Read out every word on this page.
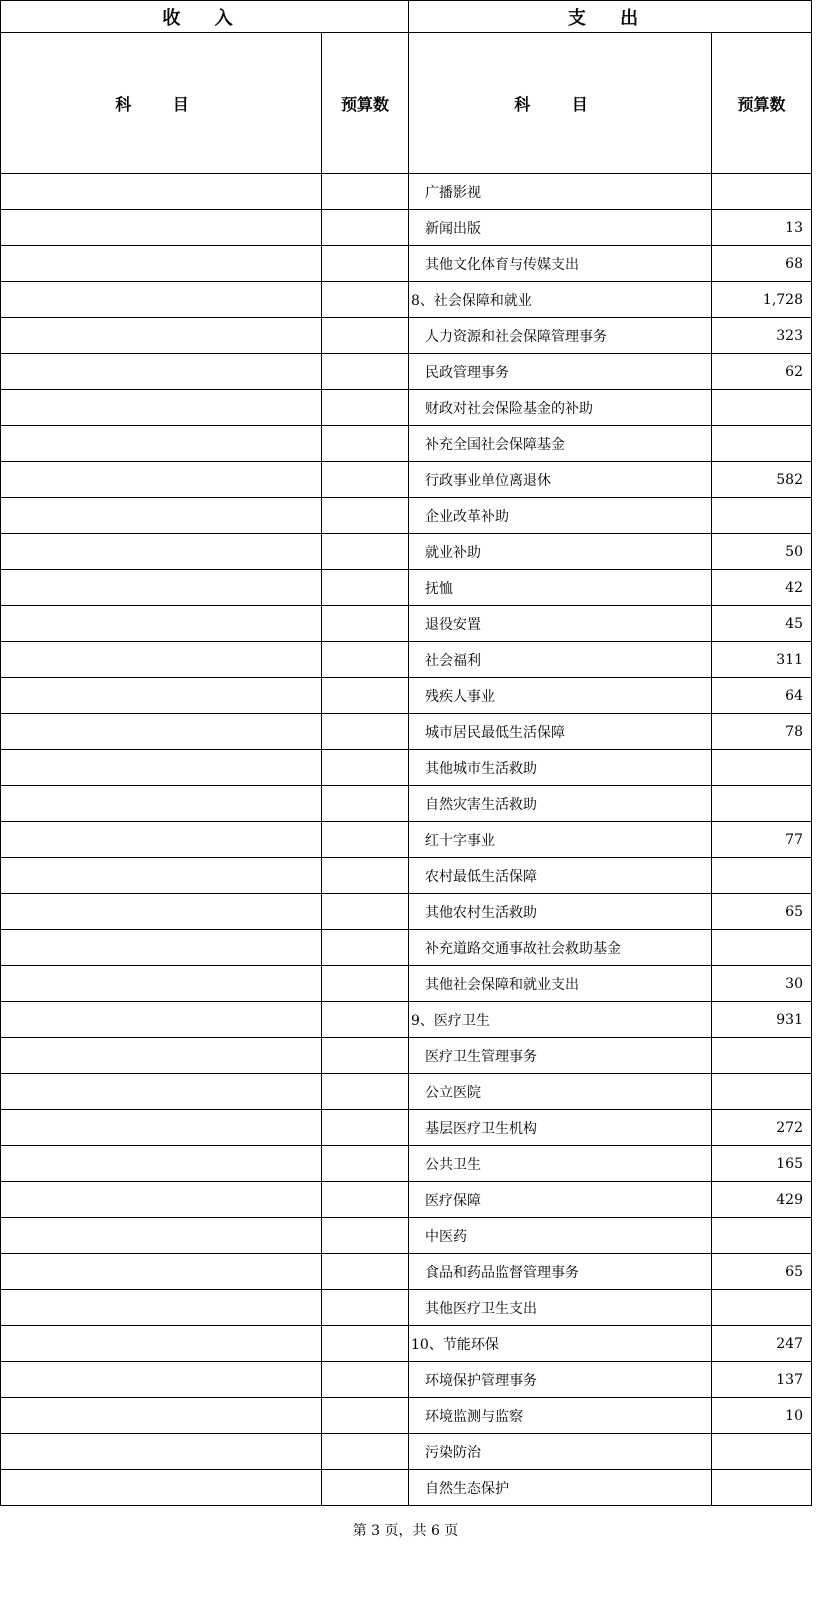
收 入		支 出	
科 目	预算数	科 目	预算数
		广播影视	
		新闻出版	13
		其他文化体育与传媒支出	68
		8、社会保障和就业	1,728
		人力资源和社会保障管理事务	323
		民政管理事务	62
		财政对社会保险基金的补助	
		补充全国社会保障基金	
		行政事业单位离退休	582
		企业改革补助	
		就业补助	50
		抚恤	42
		退役安置	45
		社会福利	311
		残疾人事业	64
		城市居民最低生活保障	78
		其他城市生活救助	
		自然灾害生活救助	
		红十字事业	77
		农村最低生活保障	
		其他农村生活救助	65
		补充道路交通事故社会救助基金	
		其他社会保障和就业支出	30
		9、医疗卫生	931
		医疗卫生管理事务	
		公立医院	
		基层医疗卫生机构	272
		公共卫生	165
		医疗保障	429
		中医药	
		食品和药品监督管理事务	65
		其他医疗卫生支出	
		10、节能环保	247
		环境保护管理事务	137
		环境监测与监察	10
		污染防治	
		自然生态保护	
第 3 页，共 6 页
